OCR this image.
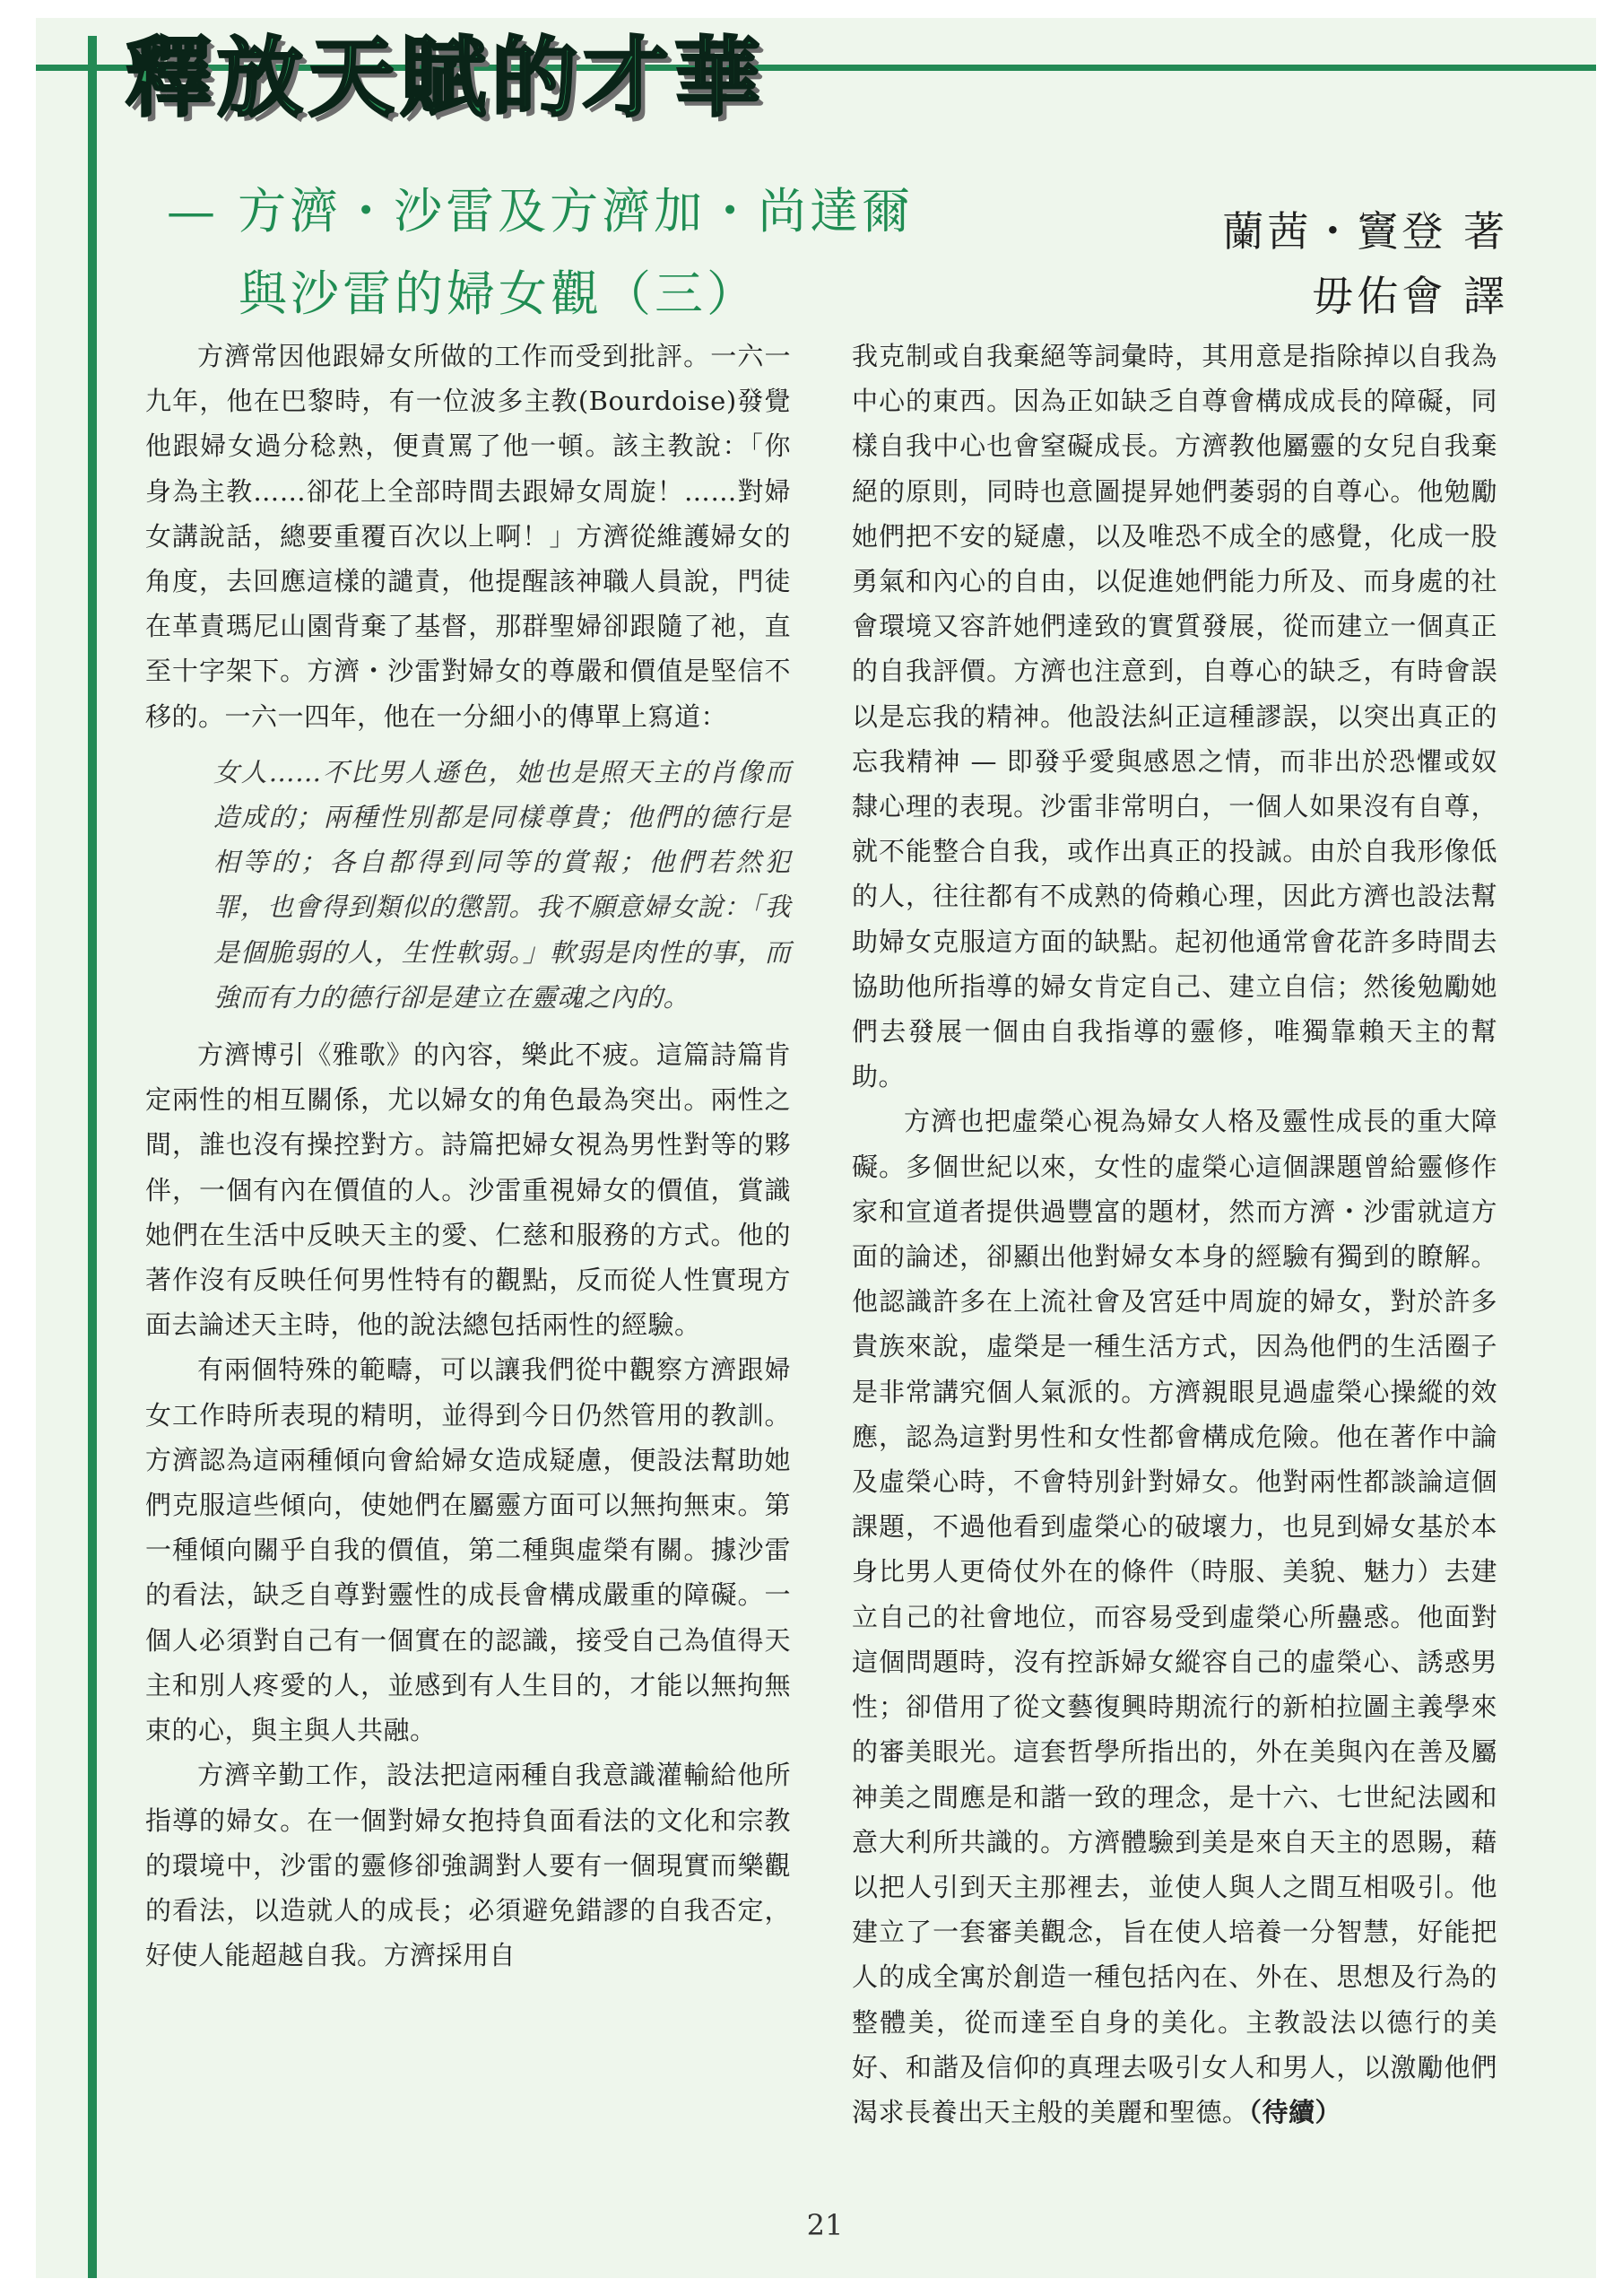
釋放天賦的才華
— 方濟・沙雷及方濟加・尚達爾
與沙雷的婦女觀（三）
蘭茜・竇登 著
毋佑會 譯

方濟常因他跟婦女所做的工作而受到批評。一六一九年，他在巴黎時，有一位波多主教(Bourdoise)發覺他跟婦女過分稔熟，便責罵了他一頓。該主教說：「你身為主教……卻花上全部時間去跟婦女周旋！……對婦女講說話，總要重覆百次以上啊！」方濟從維護婦女的角度，去回應這樣的譴責，他提醒該神職人員說，門徒在革責瑪尼山園背棄了基督，那群聖婦卻跟隨了祂，直至十字架下。方濟・沙雷對婦女的尊嚴和價值是堅信不移的。一六一四年，他在一分細小的傳單上寫道：

女人……不比男人遜色，她也是照天主的肖像而造成的；兩種性別都是同樣尊貴；他們的德行是相等的；各自都得到同等的賞報；他們若然犯罪，也會得到類似的懲罰。我不願意婦女說：「我是個脆弱的人，生性軟弱。」軟弱是肉性的事，而強而有力的德行卻是建立在靈魂之內的。

方濟博引《雅歌》的內容，樂此不疲。這篇詩篇肯定兩性的相互關係，尤以婦女的角色最為突出。兩性之間，誰也沒有操控對方。詩篇把婦女視為男性對等的夥伴，一個有內在價值的人。沙雷重視婦女的價值，賞識她們在生活中反映天主的愛、仁慈和服務的方式。他的著作沒有反映任何男性特有的觀點，反而從人性實現方面去論述天主時，他的說法總包括兩性的經驗。

有兩個特殊的範疇，可以讓我們從中觀察方濟跟婦女工作時所表現的精明，並得到今日仍然管用的教訓。方濟認為這兩種傾向會給婦女造成疑慮，便設法幫助她們克服這些傾向，使她們在屬靈方面可以無拘無束。第一種傾向關乎自我的價值，第二種與虛榮有關。據沙雷的看法，缺乏自尊對靈性的成長會構成嚴重的障礙。一個人必須對自己有一個實在的認識，接受自己為值得天主和別人疼愛的人，並感到有人生目的，才能以無拘無束的心，與主與人共融。

方濟辛勤工作，設法把這兩種自我意識灌輸給他所指導的婦女。在一個對婦女抱持負面看法的文化和宗教的環境中，沙雷的靈修卻強調對人要有一個現實而樂觀的看法，以造就人的成長；必須避免錯謬的自我否定，好使人能超越自我。方濟採用自

我克制或自我棄絕等詞彙時，其用意是指除掉以自我為中心的東西。因為正如缺乏自尊會構成成長的障礙，同樣自我中心也會窒礙成長。方濟教他屬靈的女兒自我棄絕的原則，同時也意圖提昇她們萎弱的自尊心。他勉勵她們把不安的疑慮，以及唯恐不成全的感覺，化成一股勇氣和內心的自由，以促進她們能力所及、而身處的社會環境又容許她們達致的實質發展，從而建立一個真正的自我評價。方濟也注意到，自尊心的缺乏，有時會誤以是忘我的精神。他設法糾正這種謬誤，以突出真正的忘我精神 — 即發乎愛與感恩之情，而非出於恐懼或奴隸心理的表現。沙雷非常明白，一個人如果沒有自尊，就不能整合自我，或作出真正的投誠。由於自我形像低的人，往往都有不成熟的倚賴心理，因此方濟也設法幫助婦女克服這方面的缺點。起初他通常會花許多時間去協助他所指導的婦女肯定自己、建立自信；然後勉勵她們去發展一個由自我指導的靈修，唯獨靠賴天主的幫助。

方濟也把虛榮心視為婦女人格及靈性成長的重大障礙。多個世紀以來，女性的虛榮心這個課題曾給靈修作家和宣道者提供過豐富的題材，然而方濟・沙雷就這方面的論述，卻顯出他對婦女本身的經驗有獨到的瞭解。他認識許多在上流社會及宮廷中周旋的婦女，對於許多貴族來說，虛榮是一種生活方式，因為他們的生活圈子是非常講究個人氣派的。方濟親眼見過虛榮心操縱的效應，認為這對男性和女性都會構成危險。他在著作中論及虛榮心時，不會特別針對婦女。他對兩性都談論這個課題，不過他看到虛榮心的破壞力，也見到婦女基於本身比男人更倚仗外在的條件（時服、美貌、魅力）去建立自己的社會地位，而容易受到虛榮心所蠱惑。他面對這個問題時，沒有控訴婦女縱容自己的虛榮心、誘惑男性；卻借用了從文藝復興時期流行的新柏拉圖主義學來的審美眼光。這套哲學所指出的，外在美與內在善及屬神美之間應是和諧一致的理念，是十六、七世紀法國和意大利所共識的。方濟體驗到美是來自天主的恩賜，藉以把人引到天主那裡去，並使人與人之間互相吸引。他建立了一套審美觀念，旨在使人培養一分智慧，好能把人的成全寓於創造一種包括內在、外在、思想及行為的整體美，從而達至自身的美化。主教設法以德行的美好、和諧及信仰的真理去吸引女人和男人，以激勵他們渴求長養出天主般的美麗和聖德。（待續）

21
